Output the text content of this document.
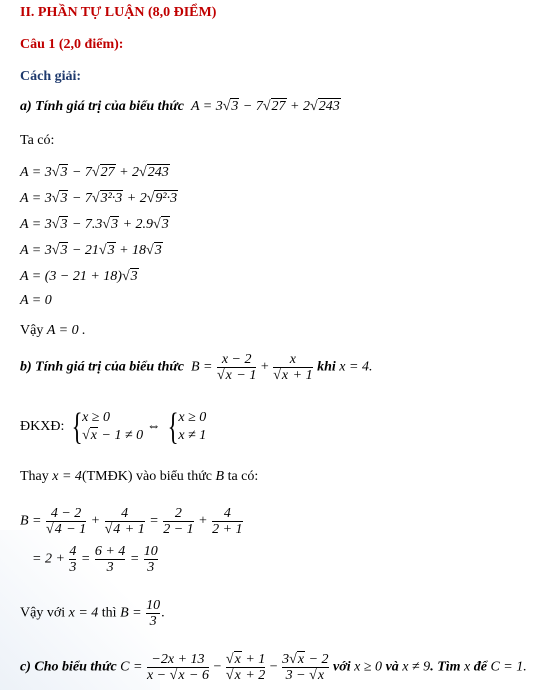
II. PHẦN TỰ LUẬN (8,0 ĐIỂM)
Câu 1 (2,0 điểm):
Cách giải:
a) Tính giá trị của biểu thức  A = 3√3 − 7√27 + 2√243
Ta có:
A = 3√3 − 7√27 + 2√243
A = 3√3 − 7√3²·3 + 2√9²·3
A = 3√3 − 7.3√3 + 2.9√3
A = 3√3 − 21√3 + 18√3
A = (3 − 21 + 18)√3
A = 0
Vậy A = 0 .
b) Tính giá trị của biểu thức  $B = \frac{x - 2}{√x - 1} + \frac{x}{√x + 1}$ khi x = 4.
ĐKXĐ: { x ≥ 0
√x − 1 ≠ 0
⇔ { x ≥ 0
x ≠ 1
Thay x = 4(TMĐK) vào biểu thức B ta có:
$B = \frac{4 - 2}{√4 - 1} + \frac{4}{√4 + 1} = \frac{2}{2 - 1} + \frac{4}{2 + 1}$
= $2 + \frac{4}{3} = \frac{6 + 4}{3} = \frac{10}{3}$
Vậy với x = 4 thì $B = \frac{10}{3}$ .
c) Cho biểu thức $C = \frac{-2x + 13}{x - √x - 6} - \frac{√x + 1}{√x + 2} - \frac{3√x - 2}{3 - √x}$ với x ≥ 0 và x ≠ 9. Tìm x để C = 1.
